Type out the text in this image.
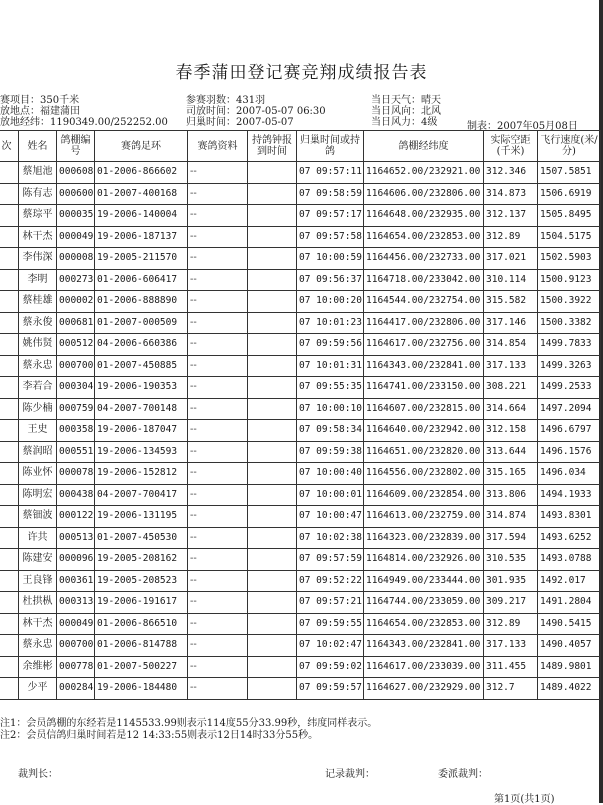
春季蒲田登记赛竞翔成绩报告表
赛项目：350千米
放地点：福建蒲田
放地经纬：1190349.00/252252.00
参赛羽数：431羽
司放时间：2007-05-07 06:30
归巢时间：2007-05-07
当日天气：晴天
当日风向：北风
当日风力：4级	制表：2007年05月08日
次	姓名	鸽棚编号	赛鸽足环	赛鸽资料	持鸽钟报到时间	归巢时间或持鸽	鸽棚经纬度	实际空距(千米)	飞行速度(米/分)
	蔡旭池	000608	01-2006-866602	--		07 09:57:11	1164652.00/232921.00	312.346	1507.5851
	陈有志	000600	01-2007-400168	--		07 09:58:59	1164606.00/232806.00	314.873	1506.6919
	蔡琮平	000035	19-2006-140004	--		07 09:57:17	1164648.00/232935.00	312.137	1505.8495
	林干杰	000049	19-2006-187137	--		07 09:57:58	1164654.00/232853.00	312.89	1504.5175
	李伟深	000008	19-2005-211570	--		07 10:00:59	1164456.00/232733.00	317.021	1502.5903
	李明	000273	01-2006-606417	--		07 09:56:37	1164718.00/233042.00	310.114	1500.9123
	蔡桂雄	000002	01-2006-888890	--		07 10:00:20	1164544.00/232754.00	315.582	1500.3922
	蔡永俊	000681	01-2007-000509	--		07 10:01:23	1164417.00/232806.00	317.146	1500.3382
	姚伟贤	000512	04-2006-660386	--		07 09:59:56	1164617.00/232756.00	314.854	1499.7833
	蔡永忠	000700	01-2007-450885	--		07 10:01:31	1164343.00/232841.00	317.133	1499.3263
	李若合	000304	19-2006-190353	--		07 09:55:35	1164741.00/233150.00	308.221	1499.2533
	陈少楠	000759	04-2007-700148	--		07 10:00:10	1164607.00/232815.00	314.664	1497.2094
	王史	000358	19-2006-187047	--		07 09:58:34	1164640.00/232942.00	312.158	1496.6797
	蔡润昭	000551	19-2006-134593	--		07 09:59:38	1164651.00/232820.00	313.644	1496.1576
	陈业怀	000078	19-2006-152812	--		07 10:00:40	1164556.00/232802.00	315.165	1496.034
	陈明宏	000438	04-2007-700417	--		07 10:00:01	1164609.00/232854.00	313.806	1494.1933
	蔡钿波	000122	19-2006-131195	--		07 10:00:47	1164613.00/232759.00	314.874	1493.8301
	许共	000513	01-2007-450530	--		07 10:02:38	1164323.00/232839.00	317.594	1493.6252
	陈建安	000096	19-2005-208162	--		07 09:57:59	1164814.00/232926.00	310.535	1493.0788
	王良锋	000361	19-2005-208523	--		07 09:52:22	1164949.00/233444.00	301.935	1492.017
	杜拱枞	000313	19-2006-191617	--		07 09:57:21	1164744.00/233059.00	309.217	1491.2804
	林干杰	000049	01-2006-866510	--		07 09:59:55	1164654.00/232853.00	312.89	1490.5415
	蔡永忠	000700	01-2006-814788	--		07 10:02:47	1164343.00/232841.00	317.133	1490.4057
	余维彬	000778	01-2007-500227	--		07 09:59:02	1164617.00/233039.00	311.455	1489.9801
	少平	000284	19-2006-184480	--		07 09:59:57	1164627.00/232929.00	312.7	1489.4022
注1：会员鸽棚的东经若是1145533.99则表示114度55分33.99秒，纬度同样表示。
注2：会员信鸽归巢时间若是12 14:33:55则表示12日14时33分55秒。
裁判长：	记录裁判：	委派裁判：
第1页(共1页)
